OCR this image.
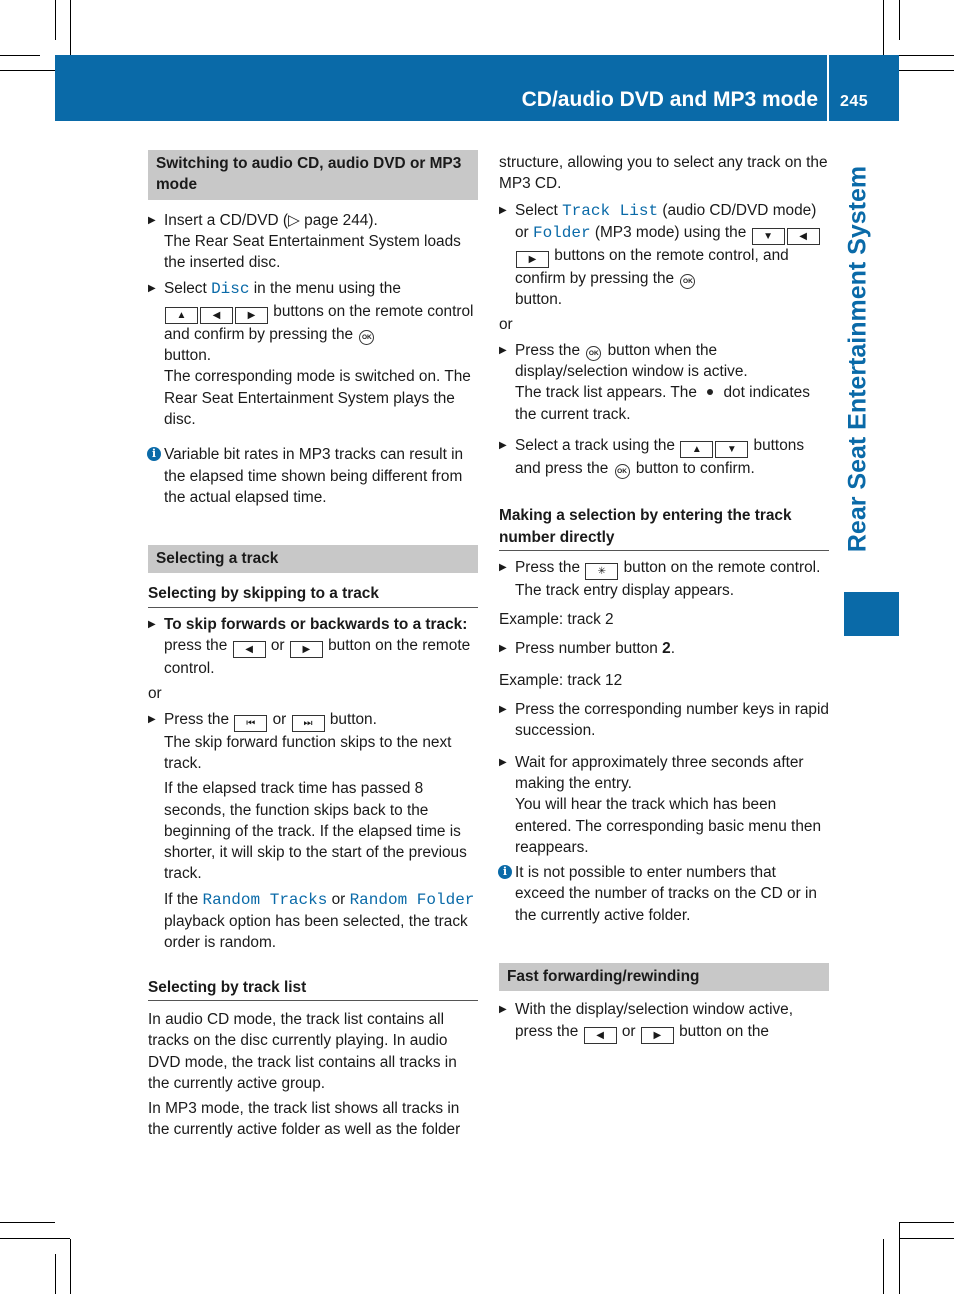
CD/audio DVD and MP3 mode 245
Rear Seat Entertainment System

Switching to audio CD, audio DVD or MP3 mode

▶ Insert a CD/DVD (▷ page 244).
The Rear Seat Entertainment System loads the inserted disc.
▶ Select Disc in the menu using the
▲	◀	▶ buttons on the remote control and confirm by pressing the OK
button.
The corresponding mode is switched on. The Rear Seat Entertainment System plays the disc.
i Variable bit rates in MP3 tracks can result in the elapsed time shown being different from the actual elapsed time.

Selecting a track

Selecting by skipping to a track

▶ To skip forwards or backwards to a track: press the ◀ or ▶ button on the remote control.

or

▶ Press the ⏮ or ⏭ button.
The skip forward function skips to the next track.

If the elapsed track time has passed 8 seconds, the function skips back to the beginning of the track. If the elapsed time is shorter, it will skip to the start of the previous track.

If the Random Tracks or Random Folder playback option has been selected, the track order is random.

Selecting by track list

In audio CD mode, the track list contains all tracks on the disc currently playing. In audio DVD mode, the track list contains all tracks in the currently active group.

In MP3 mode, the track list shows all tracks in the currently active folder as well as the folder

structure, allowing you to select any track on the MP3 CD.

▶ Select Track List (audio CD/DVD mode) or Folder (MP3 mode) using the ▼	◀▶ buttons on the remote control, and confirm by pressing the OK
button.

or

▶ Press the OK button when the display/selection window is active.
The track list appears. The  dot indicates the current track.
▶ Select a track using the ▲	▼ buttons and press the OK button to confirm.

Making a selection by entering the track number directly

▶ Press the ✳ button on the remote control.
The track entry display appears.

Example: track 2

▶ Press number button 2.

Example: track 12

▶ Press the corresponding number keys in rapid succession.
▶ Wait for approximately three seconds after making the entry.
You will hear the track which has been entered. The corresponding basic menu then reappears.
i It is not possible to enter numbers that exceed the number of tracks on the CD or in the currently active folder.

Fast forwarding/rewinding

▶ With the display/selection window active, press the ◀ or ▶ button on the
